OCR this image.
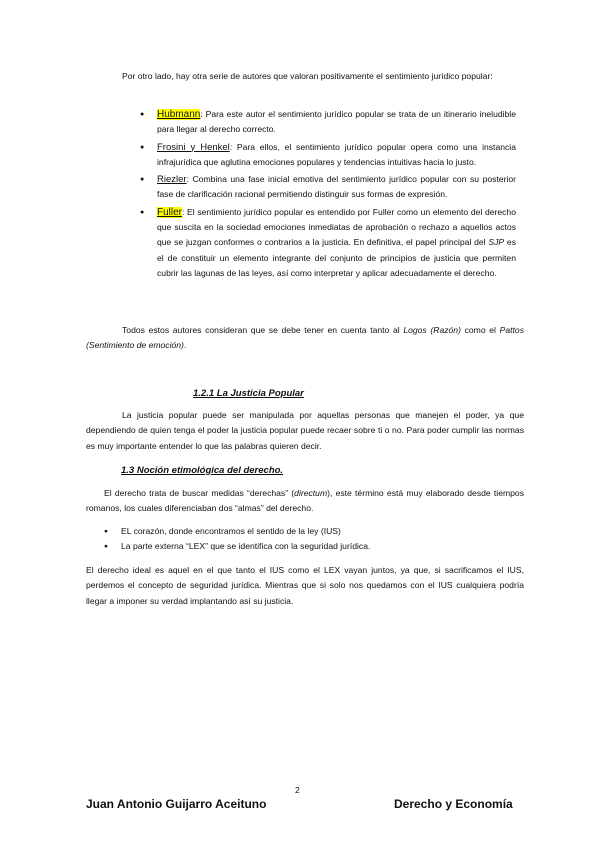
Por otro lado, hay otra serie de autores que valoran positivamente el sentimiento jurídico popular:

● Hubmann: Para este autor el sentimiento jurídico popular se trata de un itinerario ineludible para llegar al derecho correcto.
● Frosini y Henkel: Para ellos, el sentimiento jurídico popular opera como una instancia infrajurídica que aglutina emociones populares y tendencias intuitivas hacia lo justo.
● Riezler: Combina una fase inicial emotiva del sentimiento jurídico popular con su posterior fase de clarificación racional permitiendo distinguir sus formas de expresión.
● Fuller: El sentimiento jurídico popular es entendido por Fuller como un elemento del derecho que suscita en la sociedad emociones inmediatas de aprobación o rechazo a aquellos actos que se juzgan conformes o contrarios a la justicia. En definitiva, el papel principal del SJP es el de constituir un elemento integrante del conjunto de principios de justicia que permiten cubrir las lagunas de las leyes, así como interpretar y aplicar adecuadamente el derecho.

Todos estos autores consideran que se debe tener en cuenta tanto al Logos (Razón) como el Pattos (Sentimiento de emoción).

1.2.1 La Justicia Popular

La justicia popular puede ser manipulada por aquellas personas que manejen el poder, ya que dependiendo de quien tenga el poder la justicia popular puede recaer sobre ti o no. Para poder cumplir las normas es muy importante entender lo que las palabras quieren decir.

1.3 Noción etimológica del derecho.

El derecho trata de buscar medidas “derechas” (directum), este término está muy elaborado desde tiempos romanos, los cuales diferenciaban dos “almas” del derecho.

● EL corazón, donde encontramos el sentido de la ley (IUS)
● La parte externa “LEX” que se identifica con la seguridad jurídica.

El derecho ideal es aquel en el que tanto el IUS como el LEX vayan juntos, ya que, si sacrificamos el IUS, perdemos el concepto de seguridad jurídica. Mientras que si solo nos quedamos con el IUS cualquiera podría llegar a imponer su verdad implantando así su justicia.

2
Juan Antonio Guijarro Aceituno	Derecho y Economía
